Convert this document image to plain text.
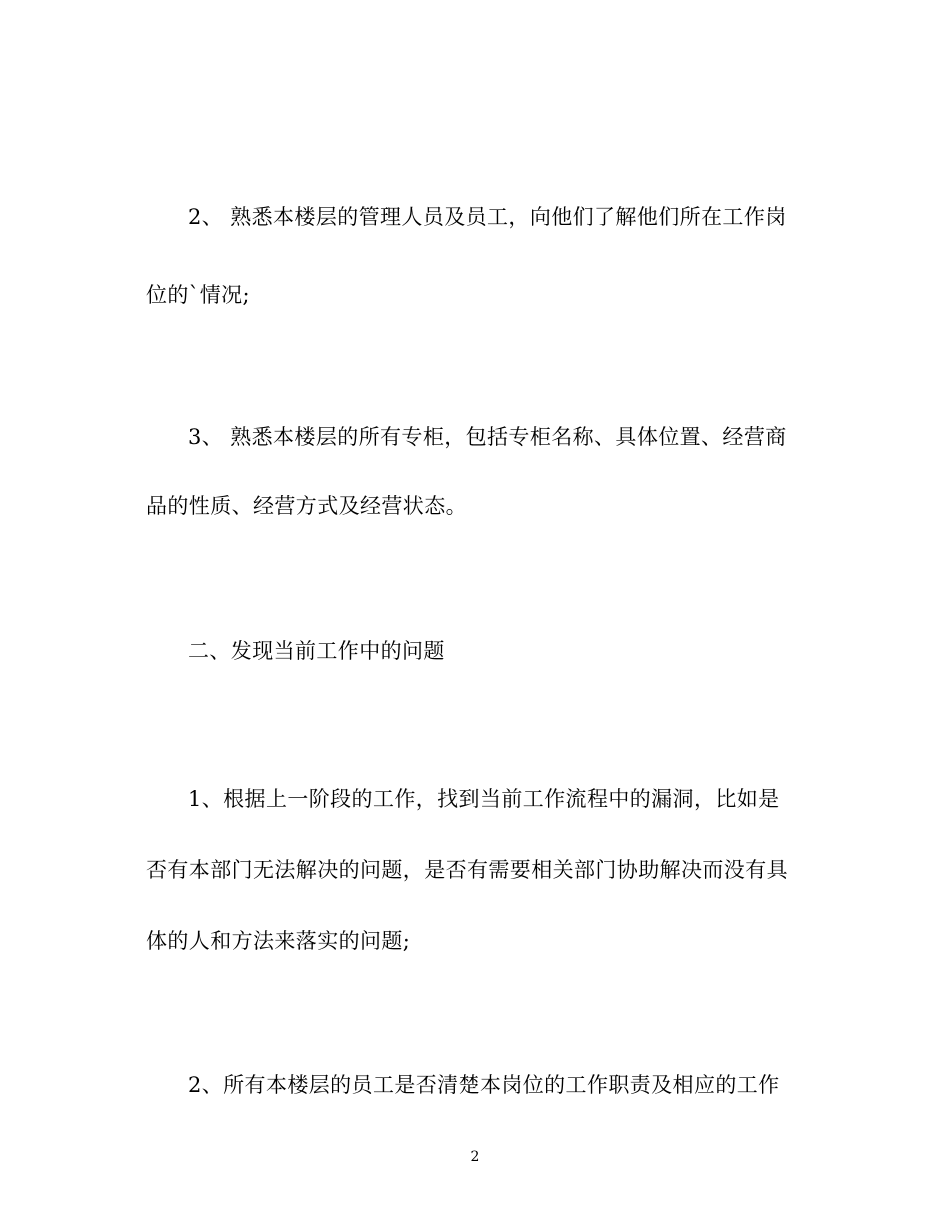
2、 熟悉本楼层的管理人员及员工，向他们了解他们所在工作岗
位的`情况;
3、 熟悉本楼层的所有专柜，包括专柜名称、具体位置、经营商
品的性质、经营方式及经营状态。
二、发现当前工作中的问题
1、根据上一阶段的工作，找到当前工作流程中的漏洞，比如是
否有本部门无法解决的问题，是否有需要相关部门协助解决而没有具
体的人和方法来落实的问题;
2、所有本楼层的员工是否清楚本岗位的工作职责及相应的工作
2
